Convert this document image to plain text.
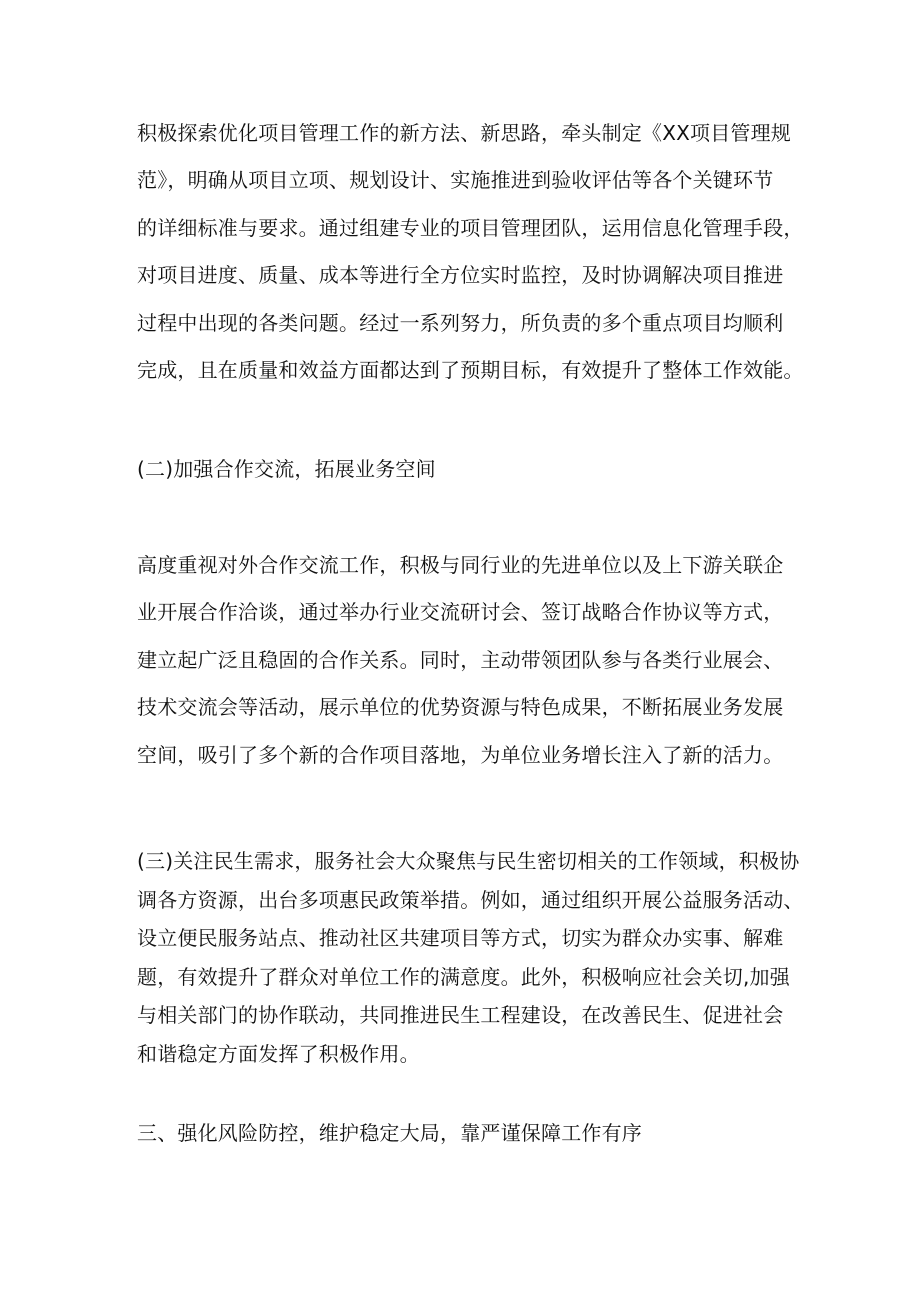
积极探索优化项目管理工作的新方法、新思路，牵头制定《XX项目管理规
范》，明确从项目立项、规划设计、实施推进到验收评估等各个关键环节
的详细标准与要求。通过组建专业的项目管理团队，运用信息化管理手段，
对项目进度、质量、成本等进行全方位实时监控，及时协调解决项目推进
过程中出现的各类问题。经过一系列努力，所负责的多个重点项目均顺利
完成，且在质量和效益方面都达到了预期目标，有效提升了整体工作效能。
(二)加强合作交流，拓展业务空间
高度重视对外合作交流工作，积极与同行业的先进单位以及上下游关联企
业开展合作洽谈，通过举办行业交流研讨会、签订战略合作协议等方式，
建立起广泛且稳固的合作关系。同时，主动带领团队参与各类行业展会、
技术交流会等活动，展示单位的优势资源与特色成果，不断拓展业务发展
空间，吸引了多个新的合作项目落地，为单位业务增长注入了新的活力。
(三)关注民生需求，服务社会大众聚焦与民生密切相关的工作领域，积极协
调各方资源，出台多项惠民政策举措。例如，通过组织开展公益服务活动、
设立便民服务站点、推动社区共建项目等方式，切实为群众办实事、解难
题，有效提升了群众对单位工作的满意度。此外，积极响应社会关切,加强
与相关部门的协作联动，共同推进民生工程建设，在改善民生、促进社会
和谐稳定方面发挥了积极作用。
三、强化风险防控，维护稳定大局，靠严谨保障工作有序
